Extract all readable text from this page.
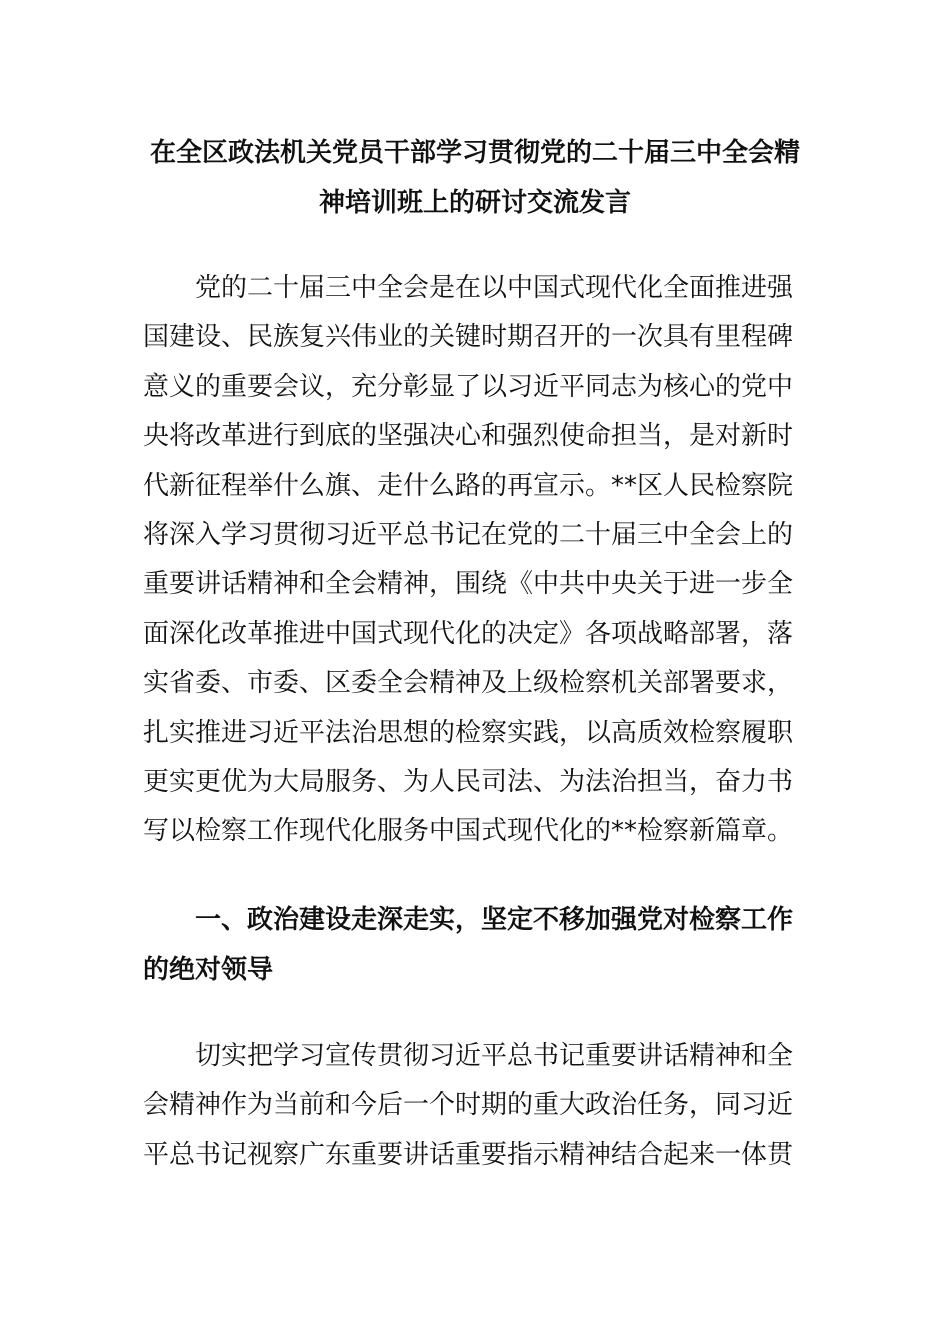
在全区政法机关党员干部学习贯彻党的二十届三中全会精
神培训班上的研讨交流发言

党的二十届三中全会是在以中国式现代化全面推进强
国建设、民族复兴伟业的关键时期召开的一次具有里程碑
意义的重要会议，充分彰显了以习近平同志为核心的党中
央将改革进行到底的坚强决心和强烈使命担当，是对新时
代新征程举什么旗、走什么路的再宣示。**区人民检察院
将深入学习贯彻习近平总书记在党的二十届三中全会上的
重要讲话精神和全会精神，围绕《中共中央关于进一步全
面深化改革推进中国式现代化的决定》各项战略部署，落
实省委、市委、区委全会精神及上级检察机关部署要求，
扎实推进习近平法治思想的检察实践，以高质效检察履职
更实更优为大局服务、为人民司法、为法治担当，奋力书
写以检察工作现代化服务中国式现代化的**检察新篇章。

一、政治建设走深走实，坚定不移加强党对检察工作
的绝对领导

切实把学习宣传贯彻习近平总书记重要讲话精神和全
会精神作为当前和今后一个时期的重大政治任务，同习近
平总书记视察广东重要讲话重要指示精神结合起来一体贯
